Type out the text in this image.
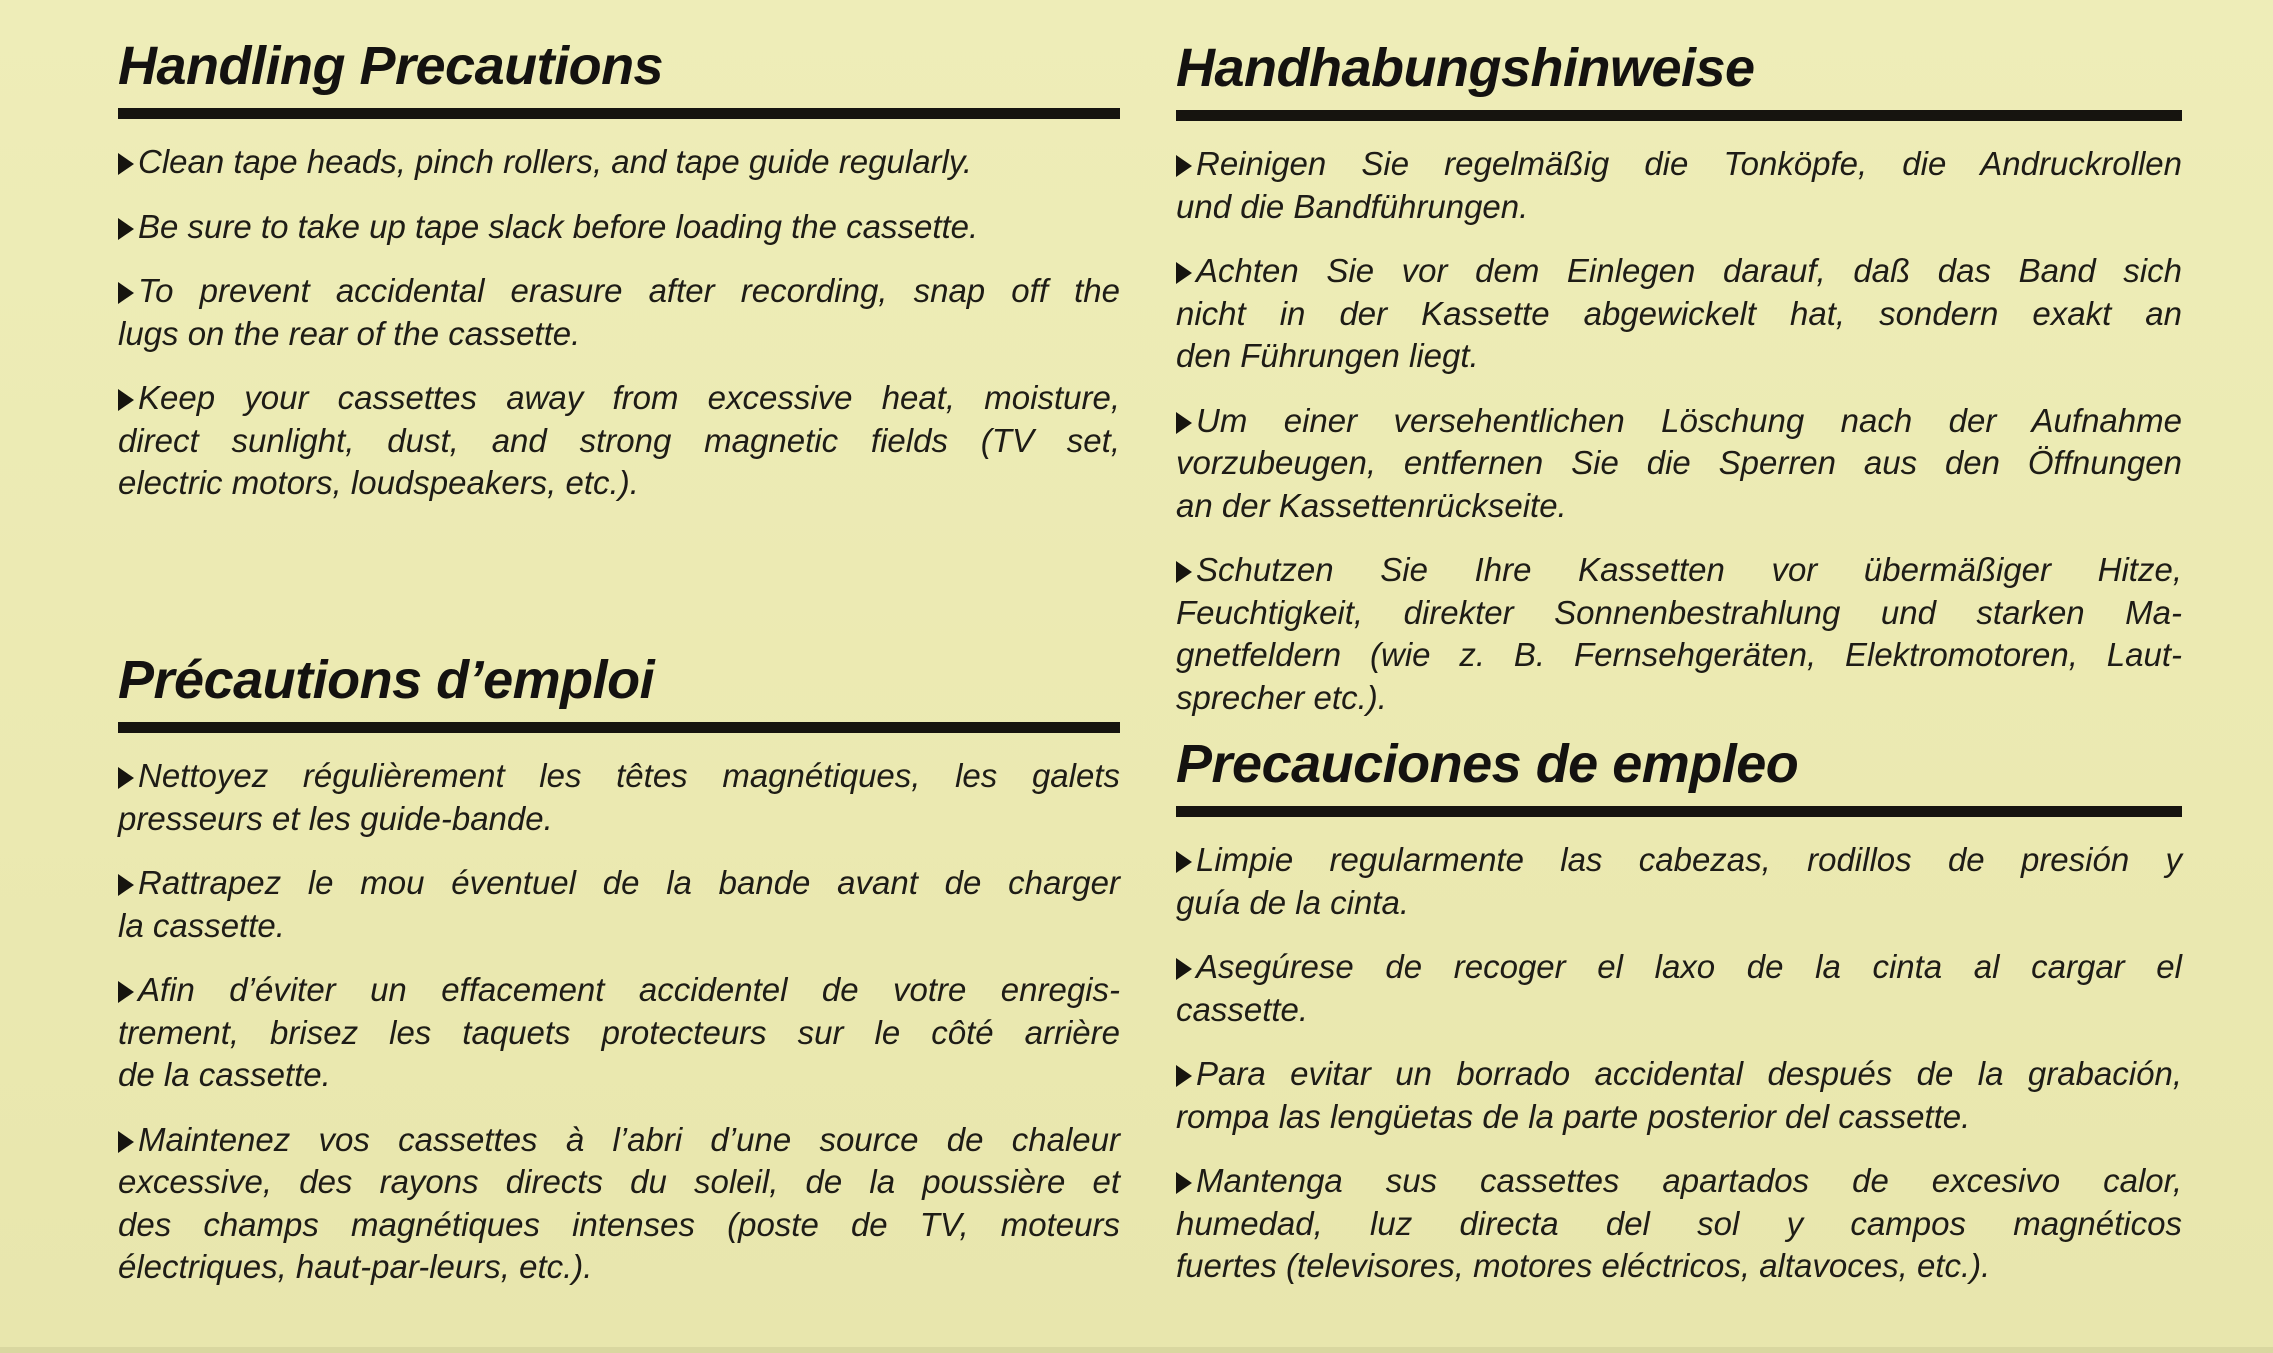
Handling Precautions
Clean tape heads, pinch rollers, and tape guide regularly.
Be sure to take up tape slack before loading the cassette.
To prevent accidental erasure after recording, snap off the
lugs on the rear of the cassette.
Keep your cassettes away from excessive heat, moisture,
direct sunlight, dust, and strong magnetic fields (TV set,
electric motors, loudspeakers, etc.).
Précautions d’emploi
Nettoyez régulièrement les têtes magnétiques, les galets
presseurs et les guide-bande.
Rattrapez le mou éventuel de la bande avant de charger
la cassette.
Afin d’éviter un effacement accidentel de votre enregis-
trement, brisez les taquets protecteurs sur le côté arrière
de la cassette.
Maintenez vos cassettes à l’abri d’une source de chaleur
excessive, des rayons directs du soleil, de la poussière et
des champs magnétiques intenses (poste de TV, moteurs
électriques, haut-par-leurs, etc.).
Handhabungshinweise
Reinigen Sie regelmäßig die Tonköpfe, die Andruckrollen
und die Bandführungen.
Achten Sie vor dem Einlegen darauf, daß das Band sich
nicht in der Kassette abgewickelt hat, sondern exakt an
den Führungen liegt.
Um einer versehentlichen Löschung nach der Aufnahme
vorzubeugen, entfernen Sie die Sperren aus den Öffnungen
an der Kassettenrückseite.
Schutzen Sie Ihre Kassetten vor übermäßiger Hitze,
Feuchtigkeit, direkter Sonnenbestrahlung und starken Ma-
gnetfeldern (wie z. B. Fernsehgeräten, Elektromotoren, Laut-
sprecher etc.).
Precauciones de empleo
Limpie regularmente las cabezas, rodillos de presión y
guía de la cinta.
Asegúrese de recoger el laxo de la cinta al cargar el
cassette.
Para evitar un borrado accidental después de la grabación,
rompa las lengüetas de la parte posterior del cassette.
Mantenga sus cassettes apartados de excesivo calor,
humedad, luz directa del sol y campos magnéticos
fuertes (televisores, motores eléctricos, altavoces, etc.).
